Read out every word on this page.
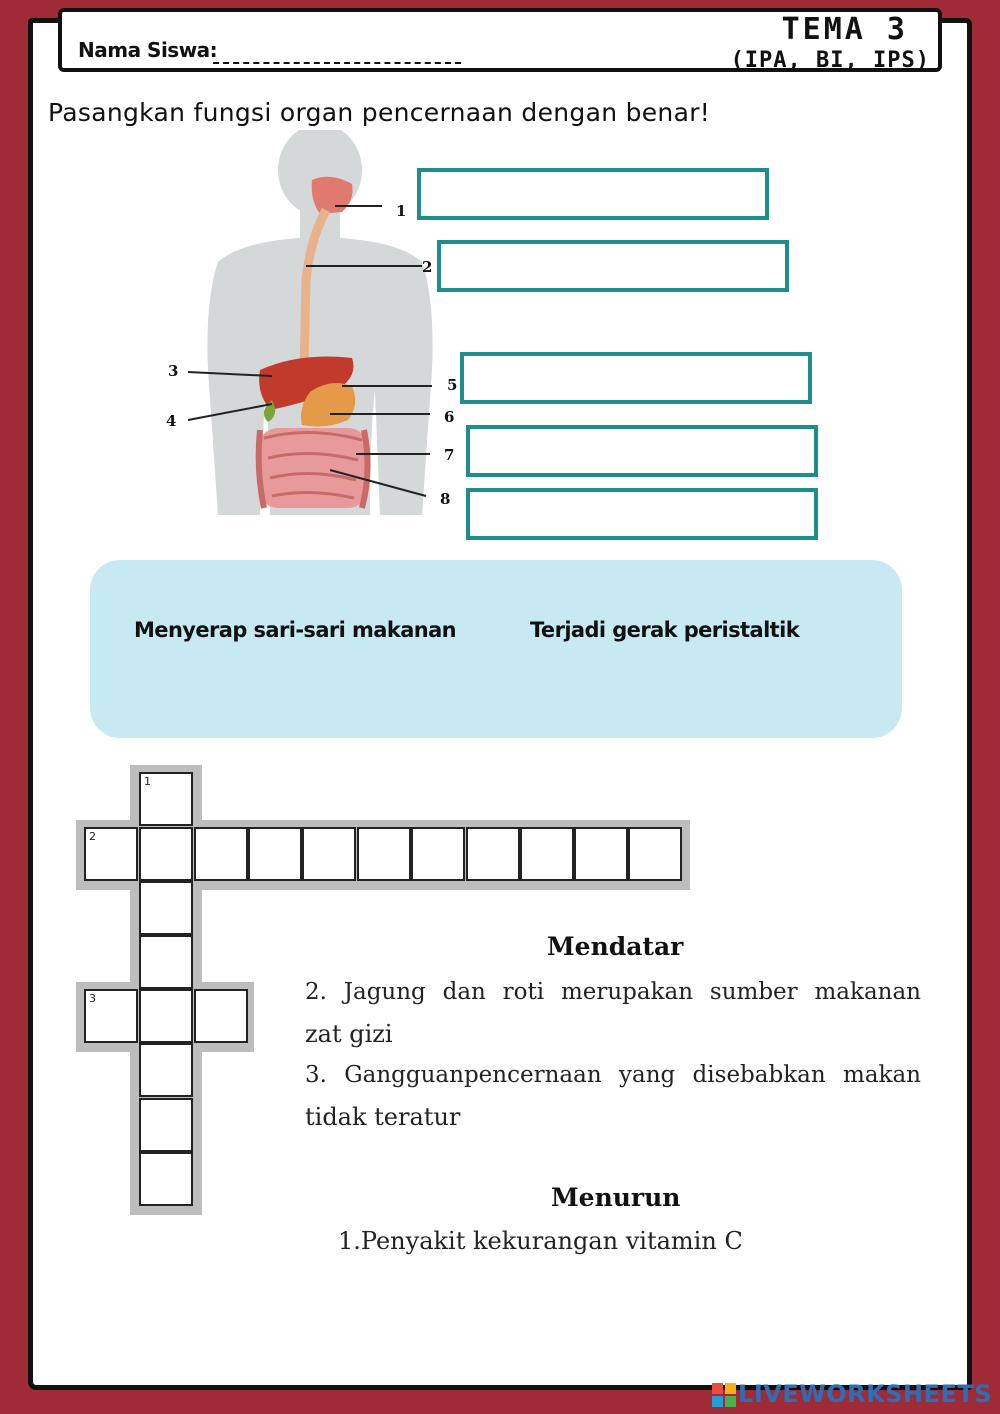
Nama Siswa:
TEMA 3
(IPA, BI, IPS)
Pasangkan fungsi organ pencernaan dengan benar!
1
2
3
4
5
6
7
8
Menyerap sari-sari makanan	Terjadi gerak peristaltik
1
2
3
Mendatar
2. Jagung dan roti merupakan sumber makanan
zat gizi
3. Gangguanpencernaan yang disebabkan makan
tidak teratur
Menurun
1.Penyakit kekurangan vitamin C
LIVEWORKSHEETS
